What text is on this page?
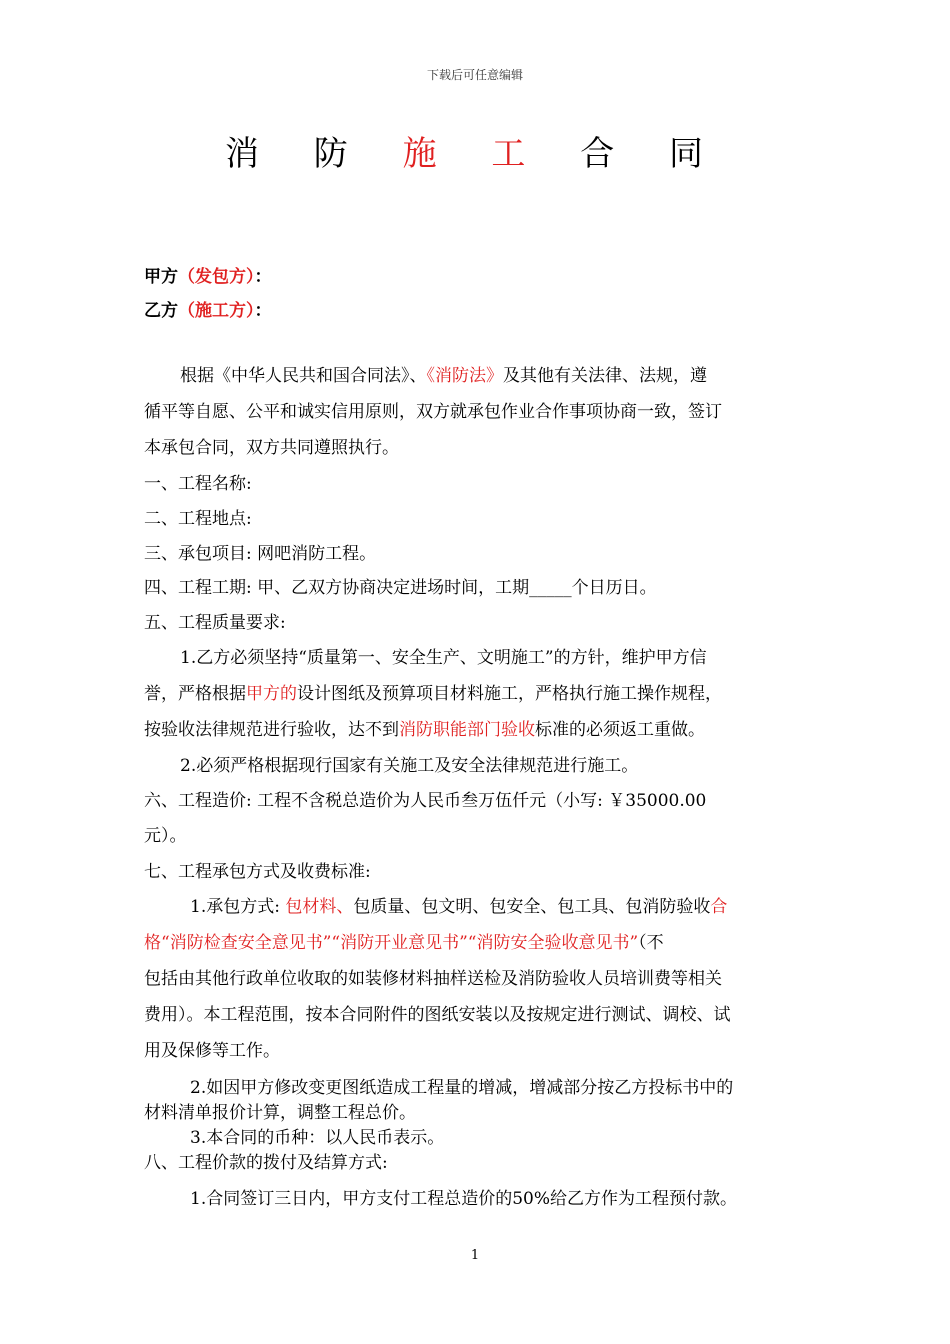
下载后可任意编辑
消 防 施 工 合 同
甲方（发包方）：
乙方（施工方）：
根据《中华人民共和国合同法》、《消防法》及其他有关法律、法规，遵
循平等自愿、公平和诚实信用原则，双方就承包作业合作事项协商一致，签订
本承包合同，双方共同遵照执行。
一、工程名称:
二、工程地点:
三、承包项目: 网吧消防工程。
四、工程工期: 甲、乙双方协商决定进场时间，工期_____个日历日。
五、工程质量要求:
1.乙方必须坚持“质量第一、安全生产、文明施工”的方针，维护甲方信
誉，严格根据甲方的设计图纸及预算项目材料施工，严格执行施工操作规程，
按验收法律规范进行验收，达不到消防职能部门验收标准的必须返工重做。
2.必须严格根据现行国家有关施工及安全法律规范进行施工。
六、工程造价: 工程不含税总造价为人民币叁万伍仟元（小写: ￥35000.00
元）。
七、工程承包方式及收费标准:
1.承包方式: 包材料、包质量、包文明、包安全、包工具、包消防验收合
格“消防检查安全意见书”“消防开业意见书”“消防安全验收意见书”（不
包括由其他行政单位收取的如装修材料抽样送检及消防验收人员培训费等相关
费用）。本工程范围，按本合同附件的图纸安装以及按规定进行测试、调校、试
用及保修等工作。
2.如因甲方修改变更图纸造成工程量的增减，增减部分按乙方投标书中的
材料清单报价计算，调整工程总价。
3.本合同的币种：以人民币表示。
八、工程价款的拨付及结算方式:
1.合同签订三日内，甲方支付工程总造价的50%给乙方作为工程预付款。
1
